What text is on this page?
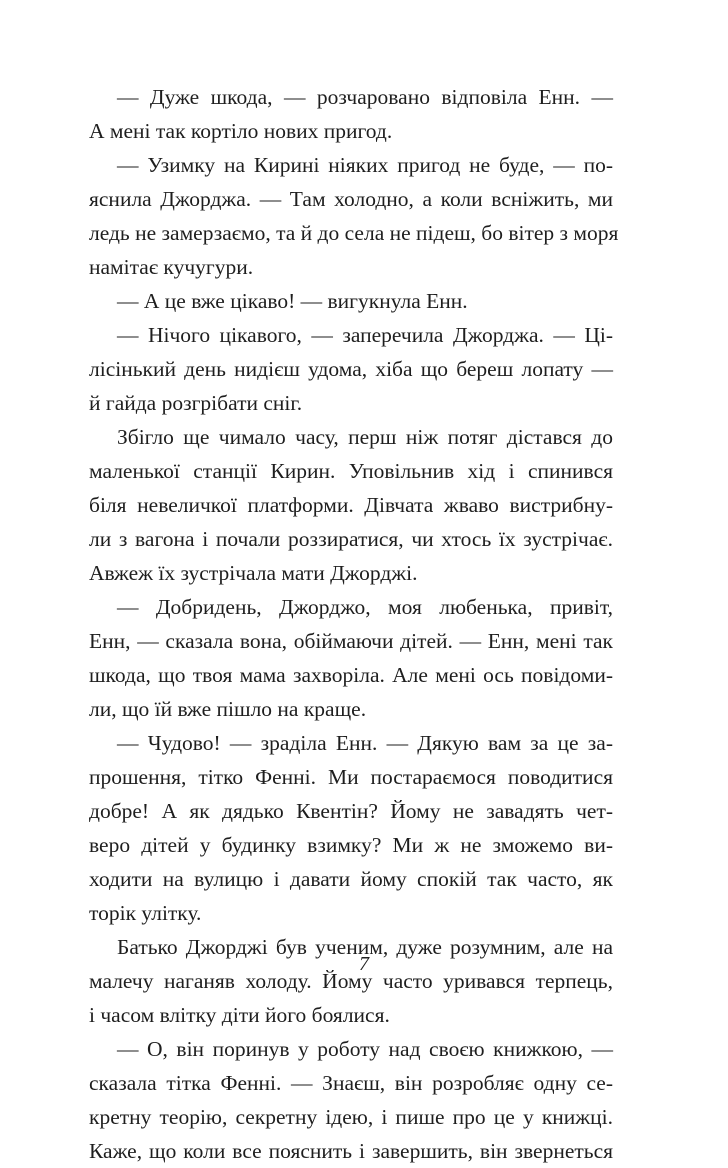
— Дуже шкода, — розчаровано відповіла Енн. —
А мені так кортіло нових пригод.
— Узимку на Кирині ніяких пригод не буде, — по-
яснила Джорджа. — Там холодно, а коли вcніжить, ми
ледь не замерзаємо, та й до села не підеш, бо вітер з моря
намітає кучугури.
— А це вже цікаво! — вигукнула Енн.
— Нічого цікавого, — заперечила Джорджа. — Ці-
лісінький день нидієш удома, хіба що береш лопату —
й гайда розгрібати сніг.
Збігло ще чимало часу, перш ніж потяг дістався до
маленької станції Кирин. Уповільнив хід і спинився
біля невеличкої платформи. Дівчата жваво вистрибну-
ли з вагона і почали роззиратися, чи хтось їх зустрічає.
Авжеж їх зустрічала мати Джорджі.
— Добридень, Джорджо, моя любенька, привіт,
Енн, — сказала вона, обіймаючи дітей. — Енн, мені так
шкода, що твоя мама захворіла. Але мені ось повідоми-
ли, що їй вже пішло на краще.
— Чудово! — зраділа Енн. — Дякую вам за це за-
прошення, тітко Фенні. Ми постараємося поводитися
добре! А як дядько Квентін? Йому не завадять чет-
веро дітей у будинку взимку? Ми ж не зможемо ви-
ходити на вулицю і давати йому спокій так часто, як
торік улітку.
Батько Джорджі був ученим, дуже розумним, але на
малечу наганяв холоду. Йому часто уривався терпець,
і часом влітку діти його боялися.
— О, він поринув у роботу над своєю книжкою, —
сказала тітка Фенні. — Знаєш, він розробляє одну се-
кретну теорію, секретну ідею, і пише про це у книжці.
Каже, що коли все пояснить і завершить, він звернеться
7
